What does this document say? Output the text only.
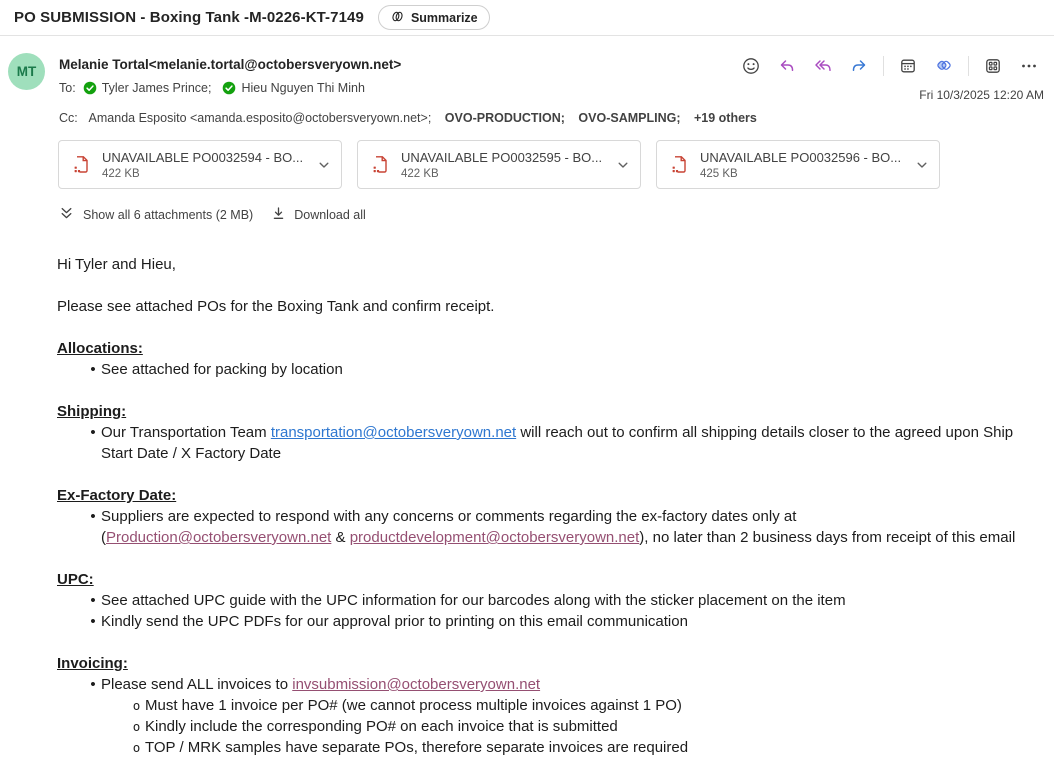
PO SUBMISSION - Boxing Tank -M-0226-KT-7149	Summarize
MT	Melanie Tortal<melanie.tortal@octobersveryown.net>
To: Tyler James Prince; Hieu Nguyen Thi Minh	Fri 10/3/2025 12:20 AM
Cc: Amanda Esposito <amanda.esposito@octobersveryown.net>; OVO-PRODUCTION; OVO-SAMPLING; +19 others
UNAVAILABLE PO0032594 - BO...
422 KB
UNAVAILABLE PO0032595 - BO...
422 KB
UNAVAILABLE PO0032596 - BO...
425 KB
Show all 6 attachments (2 MB)	Download all
Hi Tyler and Hieu,
Please see attached POs for the Boxing Tank and confirm receipt.
Allocations:
• See attached for packing by location
Shipping:
• Our Transportation Team transportation@octobersveryown.net will reach out to confirm all shipping details closer to the agreed upon Ship Start Date / X Factory Date
Ex-Factory Date:
• Suppliers are expected to respond with any concerns or comments regarding the ex-factory dates only at (Production@octobersveryown.net & productdevelopment@octobersveryown.net), no later than 2 business days from receipt of this email
UPC:
• See attached UPC guide with the UPC information for our barcodes along with the sticker placement on the item
• Kindly send the UPC PDFs for our approval prior to printing on this email communication
Invoicing:
• Please send ALL invoices to invsubmission@octobersveryown.net
o Must have 1 invoice per PO# (we cannot process multiple invoices against 1 PO)
o Kindly include the corresponding PO# on each invoice that is submitted
o TOP / MRK samples have separate POs, therefore separate invoices are required
